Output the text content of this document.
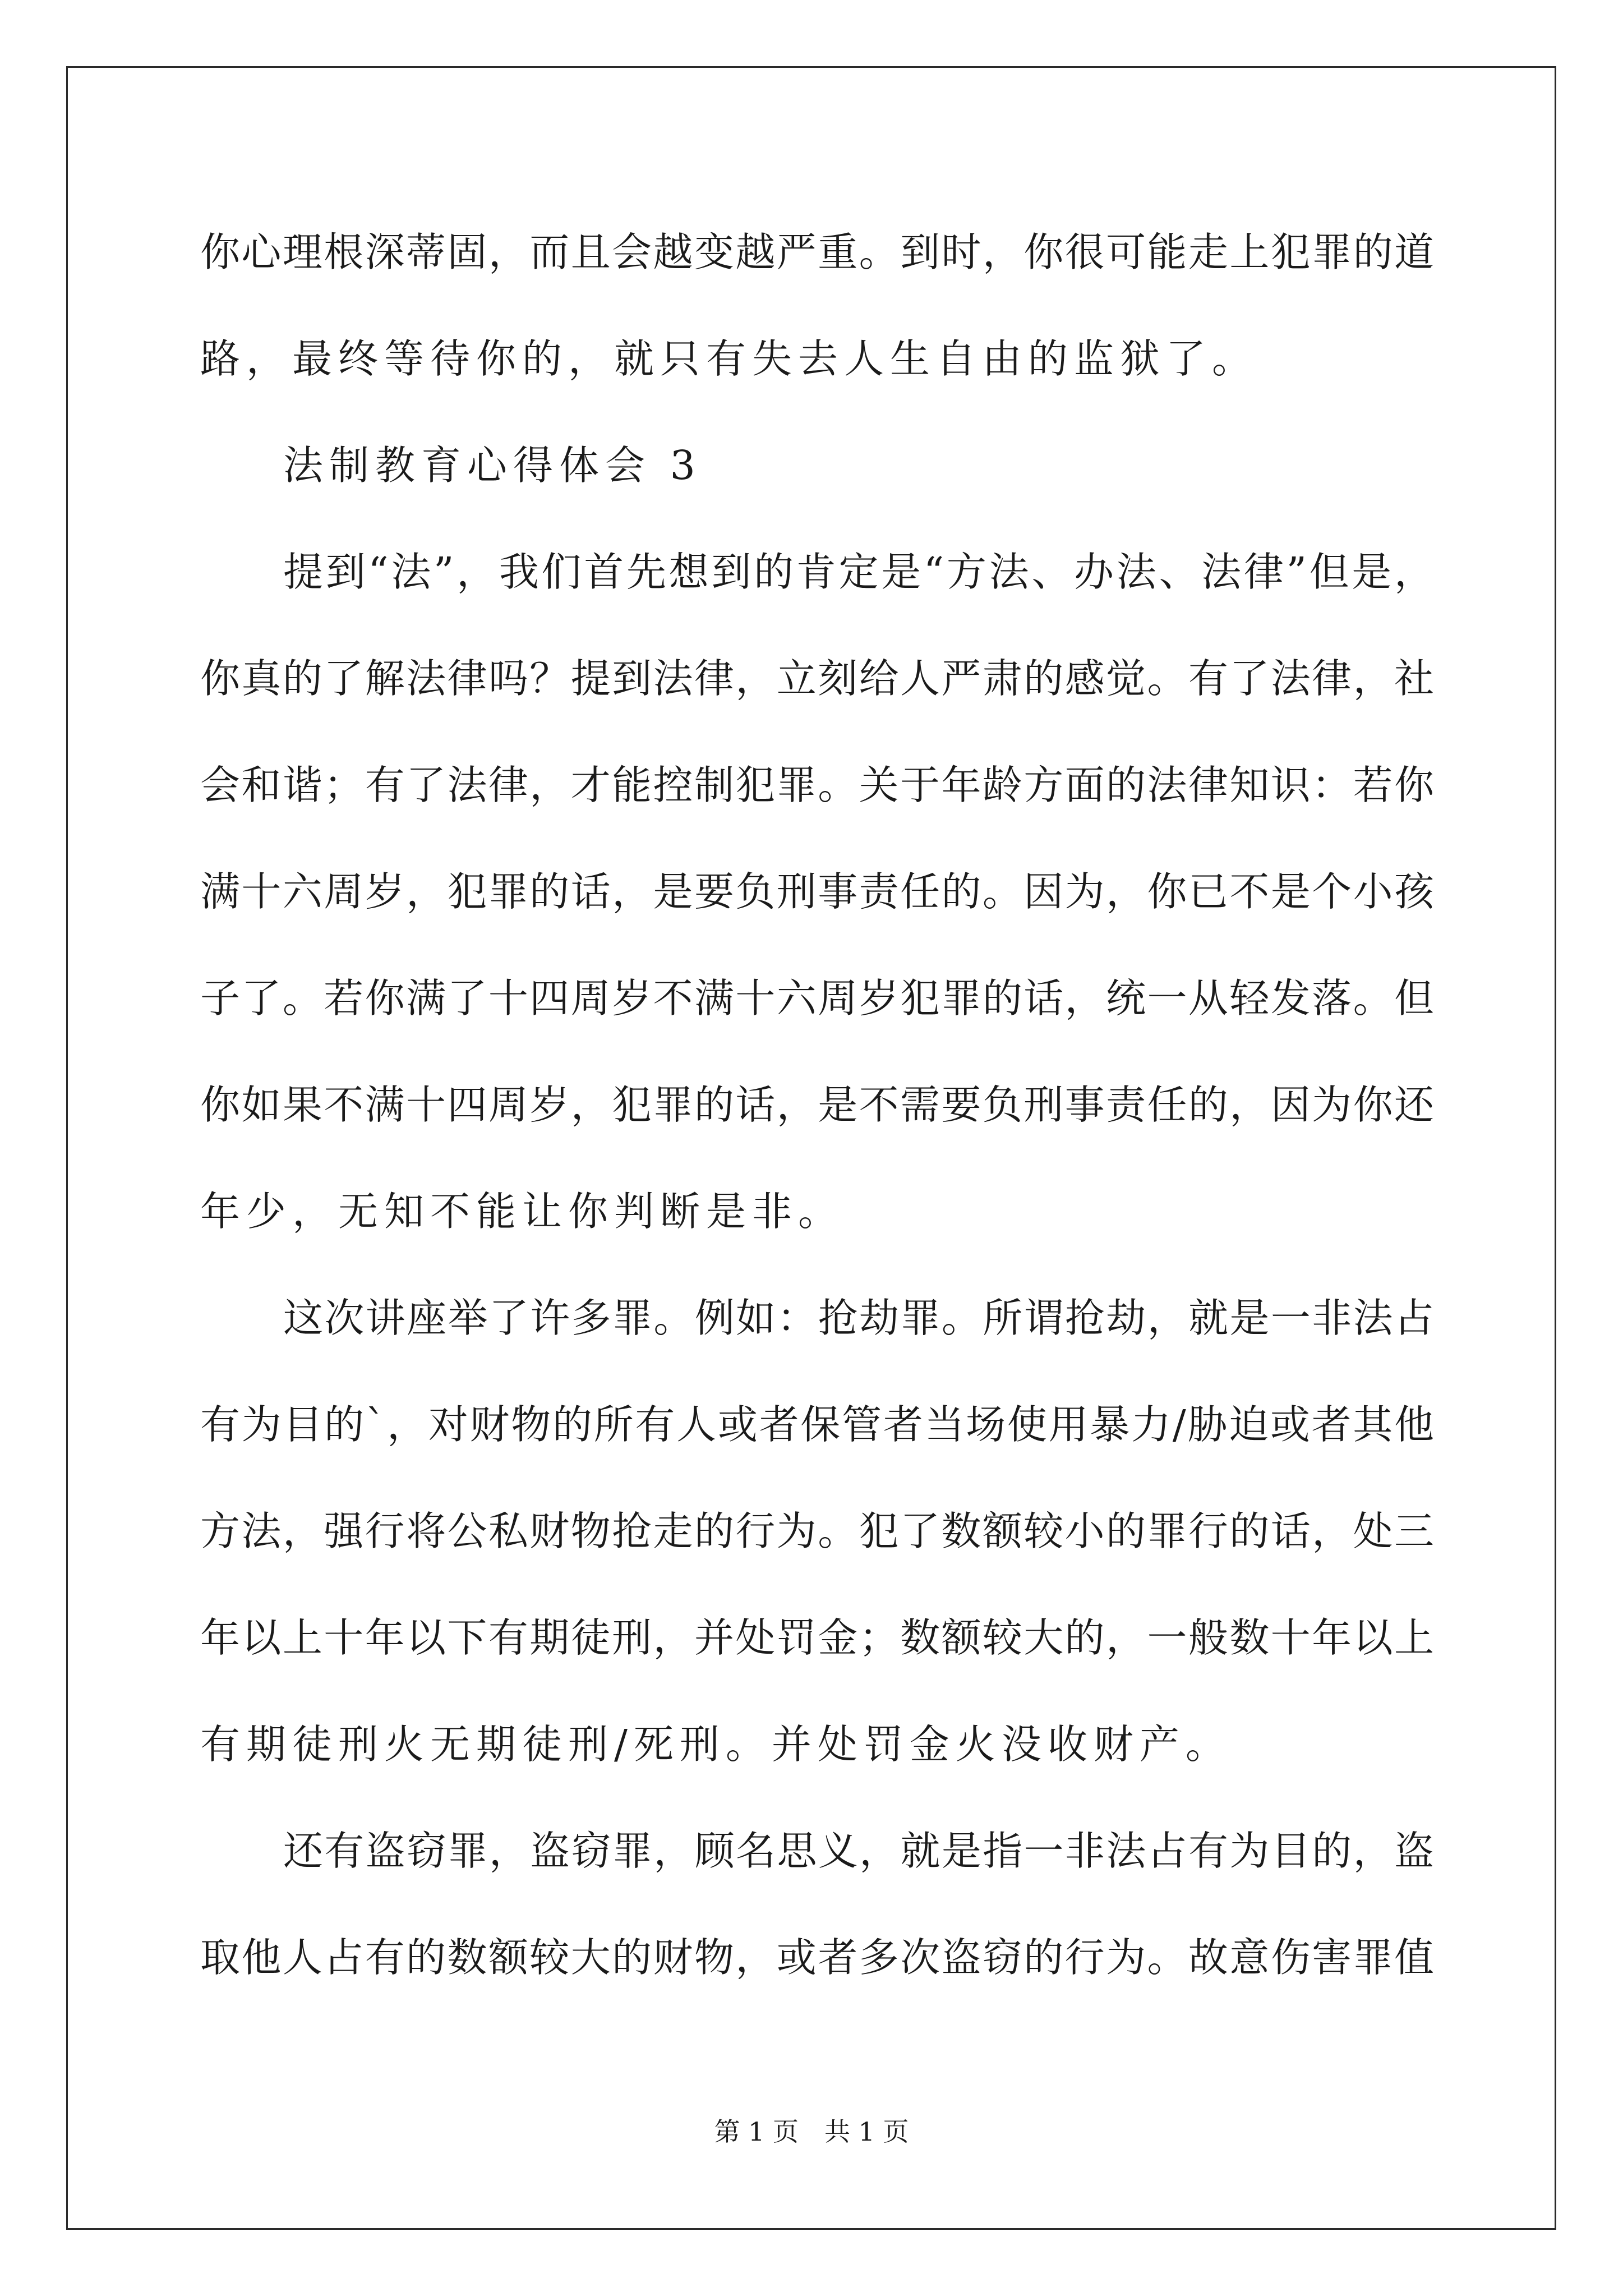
你心理根深蒂固，而且会越变越严重。到时，你很可能走上犯罪的道
路，最终等待你的，就只有失去人生自由的监狱了。
法制教育心得体会 3
提到“法”，我们首先想到的肯定是“方法、办法、法律”但是，
你真的了解法律吗？提到法律，立刻给人严肃的感觉。有了法律，社
会和谐；有了法律，才能控制犯罪。关于年龄方面的法律知识：若你
满十六周岁，犯罪的话，是要负刑事责任的。因为，你已不是个小孩
子了。若你满了十四周岁不满十六周岁犯罪的话，统一从轻发落。但
你如果不满十四周岁，犯罪的话，是不需要负刑事责任的，因为你还
年少，无知不能让你判断是非。
这次讲座举了许多罪。例如：抢劫罪。所谓抢劫，就是一非法占
有为目的`，对财物的所有人或者保管者当场使用暴力/胁迫或者其他
方法，强行将公私财物抢走的行为。犯了数额较小的罪行的话，处三
年以上十年以下有期徒刑，并处罚金；数额较大的，一般数十年以上
有期徒刑火无期徒刑/死刑。并处罚金火没收财产。
还有盗窃罪，盗窃罪，顾名思义，就是指一非法占有为目的，盗
取他人占有的数额较大的财物，或者多次盗窃的行为。故意伤害罪值
第 1 页　共 1 页
